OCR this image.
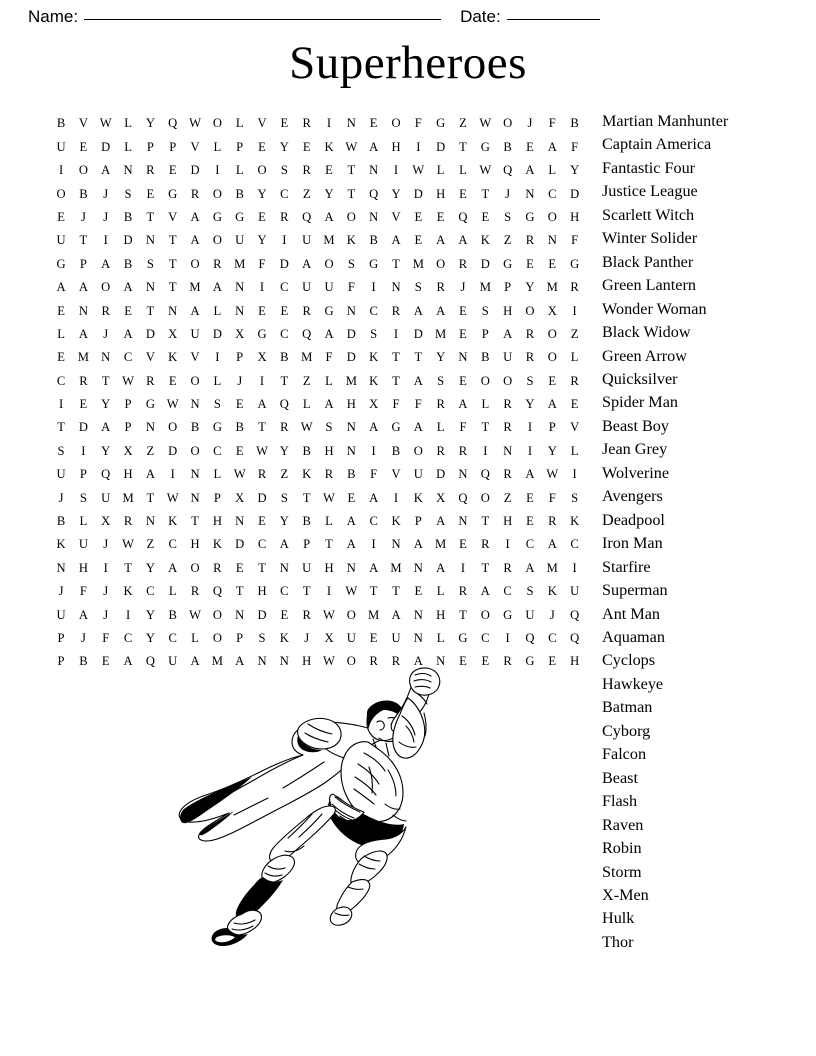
Name:	Date:
Superheroes
B	V W L	Y	Q W O	L	V	E	R	I	N	E	O	F	G	Z W O	J	F	B
U	E	D	L	P	P	V	L	P	E	Y	E	K W A	H	I	D	T	G	B	E	A	F
I	O	A	N	R	E	D	I	L	O	S	R	E	T	N	I	W L	L W Q	A	L	Y
O	B	J	S	E	G	R	O	B	Y	C	Z	Y	T	Q	Y	D	H	E	T	J	N	C	D
E	J	J	B	T	V	A	G	G	E	R	Q	A	O	N	V	E	E	Q	E	S	G	O	H
U	T	I	D	N	T	A	O	U	Y	I	U M K	B	A	E	A	A	K	Z	R	N	F
G	P	A	B	S	T	O	R M	F	D	A	O	S	G	T	M O	R	D	G	E	E	G
A	A	O	A	N	T	M A	N	I	C	U	U	F	I	N	S	R	J	M	P	Y M R
E	N	R	E	T	N	A	L	N	E	E	R	G	N	C	R	A	A	E	S	H	O	X	I
L	A	J	A	D	X	U	D	X	G	C	Q	A	D	S	I	D M	E	P	A	R	O	Z
E	M N	C	V	K	V	I	P	X	B M	F	D	K	T	T	Y	N	B	U	R	O	L
C	R	T W R	E	O	L	J	I	T	Z	L	M K	T	A	S	E	O	O	S	E	R
I	E	Y	P	G W N	S	E	A	Q	L	A	H	X	F	F	R	A	L	R	Y	A	E
T	D	A	P	N	O	B	G	B	T	R W	S	N	A	G	A	L	F	T	R	I	P	V
S	I	Y	X	Z	D	O	C	E W Y	B	H	N	I	B	O	R	R	I	N	I	Y	L
U	P	Q	H	A	I	N	L W R	Z	K	R	B	F	V	U	D	N	Q	R	A W	I
J	S	U M	T W N	P	X	D	S	T W E	A	I	K	X	Q	O	Z	E	F	S
B	L	X	R	N	K	T	H	N	E	Y	B	L	A	C	K	P	A	N	T	H	E	R	K
K	U	J	W Z	C	H	K	D	C	A	P	T	A	I	N	A M	E	R	I	C	A	C
N	H	I	T	Y	A	O	R	E	T	N	U	H	N	A M N	A	I	T	R	A M	I
J	F	J	K	C	L	R	Q	T	H	C	T	I	W T	T	E	L	R	A	C	S	K	U
U	A	J	I	Y	B W O	N	D	E	R W O M A	N	H	T	O	G	U	J	Q
P	J	F	C	Y	C	L	O	P	S	K	J	X	U	E	U	N	L	G	C	I	Q	C	Q
P	B	E	A	Q	U	A M A	N	N	H W O	R	R	A	N	E	E	R	G	E	H
Martian Manhunter
Captain America
Fantastic Four
Justice League
Scarlett Witch
Winter Solider
Black Panther
Green Lantern
Wonder Woman
Black Widow
Green Arrow
Quicksilver
Spider Man
Beast Boy
Jean Grey
Wolverine
Avengers
Deadpool
Iron Man
Starfire
Superman
Ant Man
Aquaman
Cyclops
Hawkeye
Batman
Cyborg
Falcon
Beast
Flash
Raven
Robin
Storm
X-Men
Hulk
Thor
